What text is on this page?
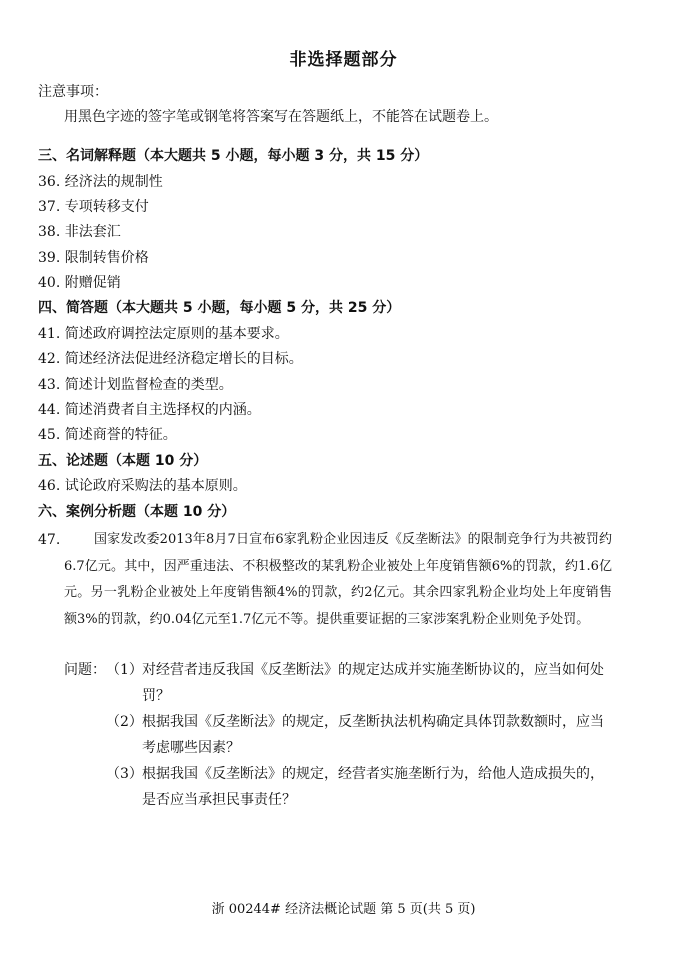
非选择题部分
注意事项：
用黑色字迹的签字笔或钢笔将答案写在答题纸上，不能答在试题卷上。
三、名词解释题（本大题共 5 小题，每小题 3 分，共 15 分）
36. 经济法的规制性
37. 专项转移支付
38. 非法套汇
39. 限制转售价格
40. 附赠促销
四、简答题（本大题共 5 小题，每小题 5 分，共 25 分）
41. 简述政府调控法定原则的基本要求。
42. 简述经济法促进经济稳定增长的目标。
43. 简述计划监督检查的类型。
44. 简述消费者自主选择权的内涵。
45. 简述商誉的特征。
五、论述题（本题 10 分）
46. 试论政府采购法的基本原则。
六、案例分析题（本题 10 分）
47.	国家发改委2013年8月7日宣布6家乳粉企业因违反《反垄断法》的限制竞争行为共被罚约6.7亿元。其中，因严重违法、不积极整改的某乳粉企业被处上年度销售额6%的罚款，约1.6亿元。另一乳粉企业被处上年度销售额4%的罚款，约2亿元。其余四家乳粉企业均处上年度销售额3%的罚款，约0.04亿元至1.7亿元不等。提供重要证据的三家涉案乳粉企业则免予处罚。
问题： （1） 对经营者违反我国《反垄断法》的规定达成并实施垄断协议的，应当如何处罚？
（2） 根据我国《反垄断法》的规定，反垄断执法机构确定具体罚款数额时，应当考虑哪些因素？
（3） 根据我国《反垄断法》的规定，经营者实施垄断行为，给他人造成损失的，是否应当承担民事责任？
浙 00244# 经济法概论试题 第 5 页(共 5 页)
